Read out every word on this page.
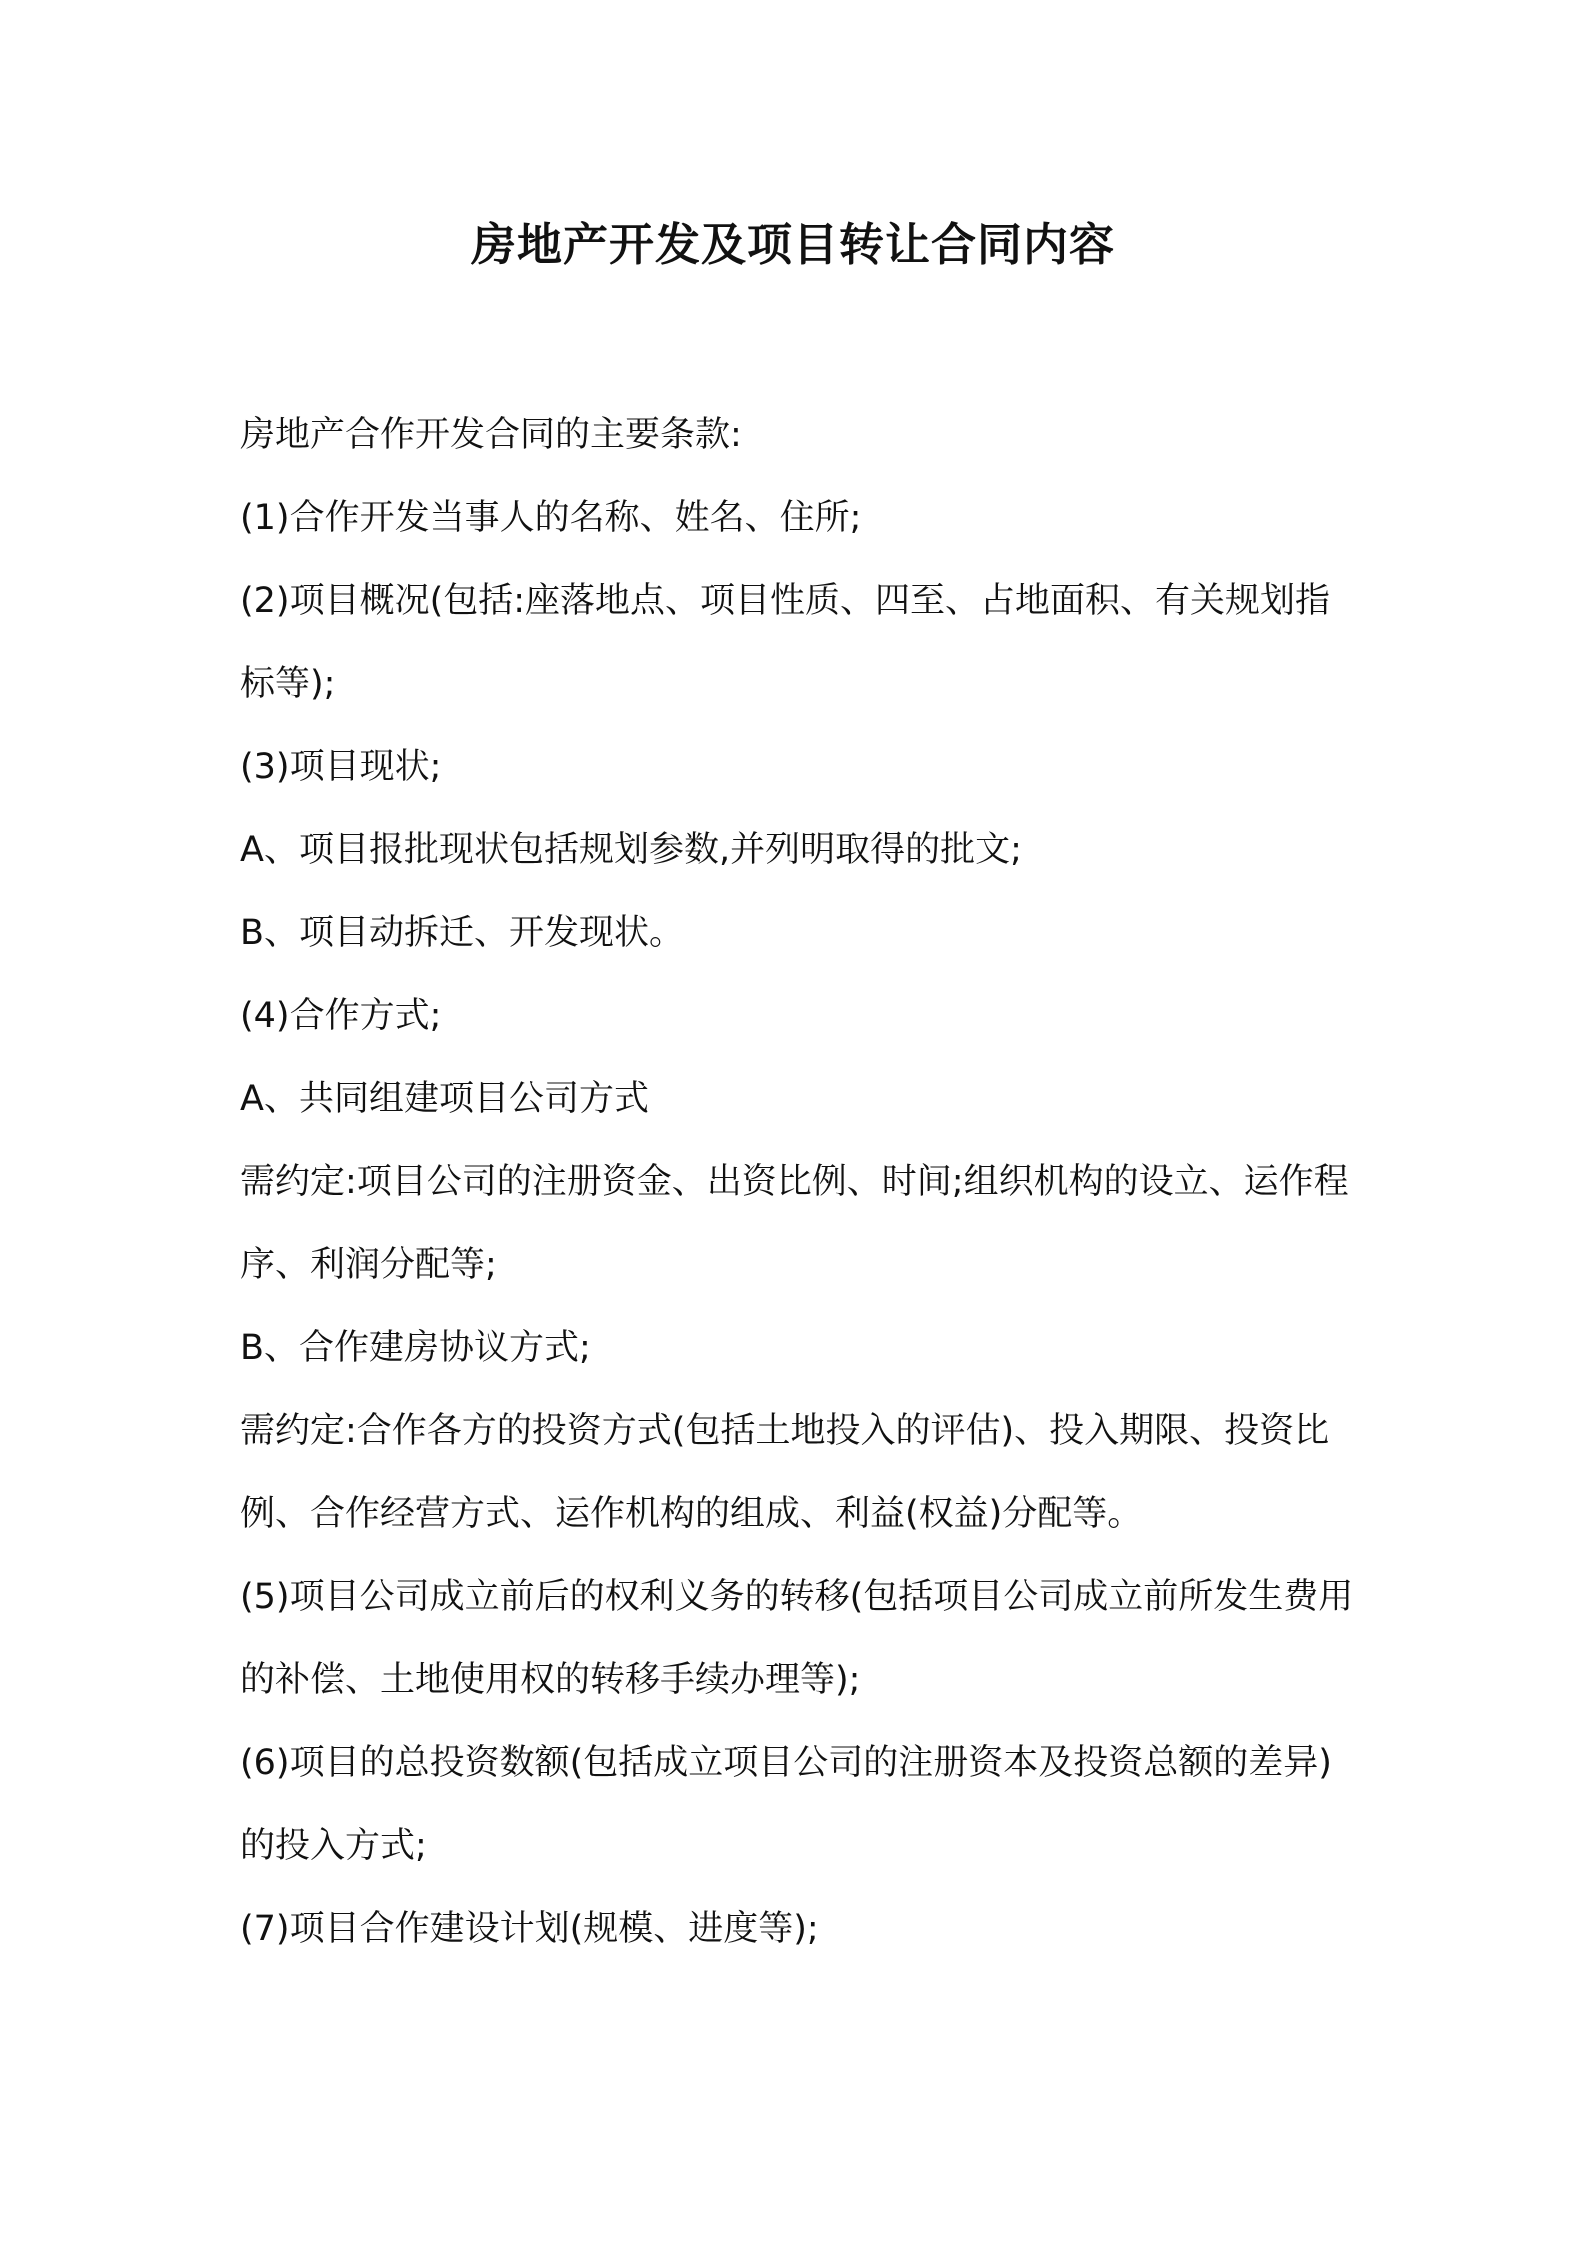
房地产开发及项目转让合同内容

房地产合作开发合同的主要条款:

(1)合作开发当事人的名称、姓名、住所;

(2)项目概况(包括:座落地点、项目性质、四至、占地面积、有关规划指标等);

(3)项目现状;

A、项目报批现状包括规划参数,并列明取得的批文;

B、项目动拆迁、开发现状。

(4)合作方式;

A、共同组建项目公司方式

需约定:项目公司的注册资金、出资比例、时间;组织机构的设立、运作程序、利润分配等;

B、合作建房协议方式;

需约定:合作各方的投资方式(包括土地投入的评估)、投入期限、投资比例、合作经营方式、运作机构的组成、利益(权益)分配等。

(5)项目公司成立前后的权利义务的转移(包括项目公司成立前所发生费用的补偿、土地使用权的转移手续办理等);

(6)项目的总投资数额(包括成立项目公司的注册资本及投资总额的差异)的投入方式;

(7)项目合作建设计划(规模、进度等);
